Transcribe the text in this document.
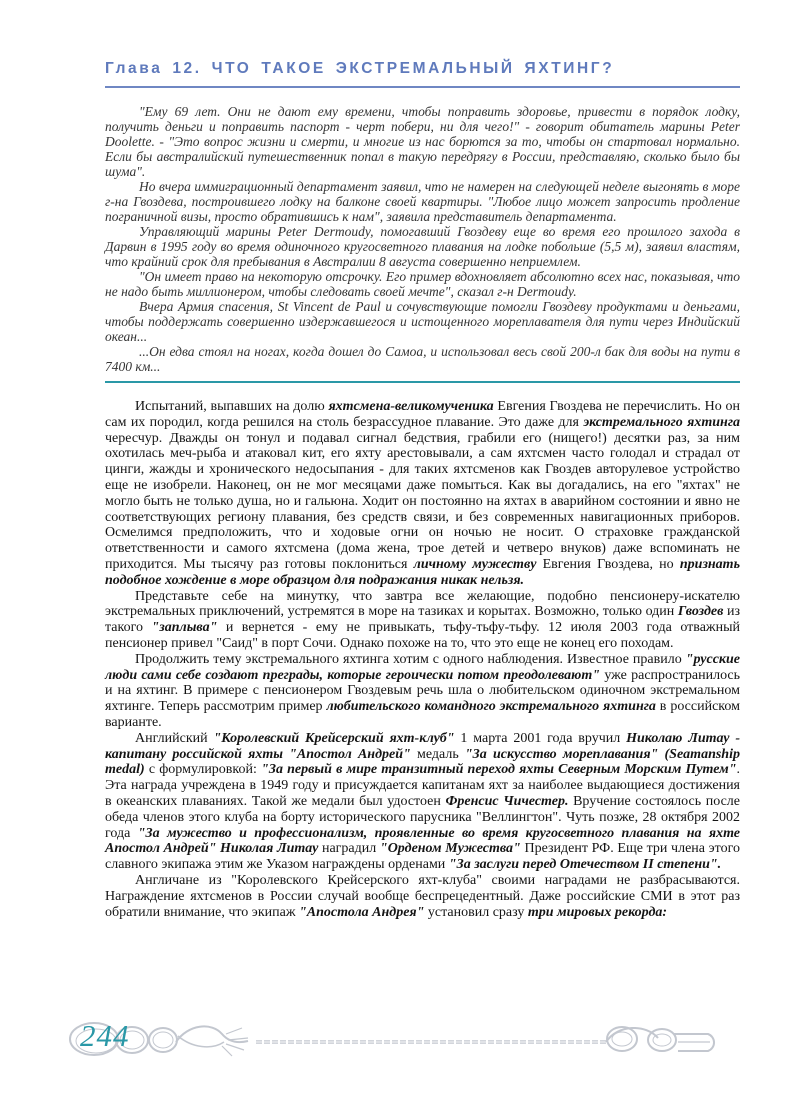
Глава 12. ЧТО ТАКОЕ ЭКСТРЕМАЛЬНЫЙ ЯХТИНГ?

"Ему 69 лет. Они не дают ему времени, чтобы поправить здоровье, привести в порядок лодку, получить деньги и поправить паспорт - черт побери, ни для чего!" - говорит обитатель марины Peter Doolette. - "Это вопрос жизни и смерти, и многие из нас борются за то, чтобы он стартовал нормально. Если бы австралийский путешественник попал в такую передрягу в России, представляю, сколько было бы шума".

Но вчера иммиграционный департамент заявил, что не намерен на следующей неделе выгонять в море г-на Гвоздева, построившего лодку на балконе своей квартиры. "Любое лицо может запросить продление пограничной визы, просто обратившись к нам", заявила представитель департамента.

Управляющий марины Peter Dermoudy, помогавший Гвоздеву еще во время его прошлого захода в Дарвин в 1995 году во время одиночного кругосветного плавания на лодке побольше (5,5 м), заявил властям, что крайний срок для пребывания в Австралии 8 августа совершенно неприемлем.

"Он имеет право на некоторую отсрочку. Его пример вдохновляет абсолютно всех нас, показывая, что не надо быть миллионером, чтобы следовать своей мечте", сказал г-н Dermoudy.

Вчера Армия спасения, St Vincent de Paul и сочувствующие помогли Гвоздеву продуктами и деньгами, чтобы поддержать совершенно издержавшегося и истощенного мореплавателя для пути через Индийский океан...

...Он едва стоял на ногах, когда дошел до Самоа, и использовал весь свой 200-л бак для воды на пути в 7400 км...

Испытаний, выпавших на долю яхтсмена-великомученика Евгения Гвоздева не перечислить. Но он сам их породил, когда решился на столь безрассудное плавание. Это даже для экстремального яхтинга чересчур. Дважды он тонул и подавал сигнал бедствия, грабили его (нищего!) десятки раз, за ним охотилась меч-рыба и атаковал кит, его яхту арестовывали, а сам яхтсмен часто голодал и страдал от цинги, жажды и хронического недосыпания - для таких яхтсменов как Гвоздев авторулевое устройство еще не изобрели. Наконец, он не мог месяцами даже помыться. Как вы догадались, на его "яхтах" не могло быть не только душа, но и гальюна. Ходит он постоянно на яхтах в аварийном состоянии и явно не соответствующих региону плавания, без средств связи, и без современных навигационных приборов. Осмелимся предположить, что и ходовые огни он ночью не носит. О страховке гражданской ответственности и самого яхтсмена (дома жена, трое детей и четверо внуков) даже вспоминать не приходится. Мы тысячу раз готовы поклониться личному мужеству Евгения Гвоздева, но признать подобное хождение в море образцом для подражания никак нельзя.

Представьте себе на минутку, что завтра все желающие, подобно пенсионеру-искателю экстремальных приключений, устремятся в море на тазиках и корытах. Возможно, только один Гвоздев из такого "заплыва" и вернется - ему не привыкать, тьфу-тьфу-тьфу. 12 июля 2003 года отважный пенсионер привел "Саид" в порт Сочи. Однако похоже на то, что это еще не конец его походам.

Продолжить тему экстремального яхтинга хотим с одного наблюдения. Известное правило "русские люди сами себе создают преграды, которые героически потом преодолевают" уже распространилось и на яхтинг. В примере с пенсионером Гвоздевым речь шла о любительском одиночном экстремальном яхтинге. Теперь рассмотрим пример любительского командного экстремального яхтинга в российском варианте.

Английский "Королевский Крейсерский яхт-клуб" 1 марта 2001 года вручил Николаю Литау - капитану российской яхты "Апостол Андрей" медаль "За искусство мореплавания" (Seamanship medal) с формулировкой: "За первый в мире транзитный переход яхты Северным Морским Путем". Эта награда учреждена в 1949 году и присуждается капитанам яхт за наиболее выдающиеся достижения в океанских плаваниях. Такой же медали был удостоен Френсис Чичестер. Вручение состоялось после обеда членов этого клуба на борту исторического парусника "Веллингтон". Чуть позже, 28 октября 2002 года "За мужество и профессионализм, проявленные во время кругосветного плавания на яхте Апостол Андрей" Николая Литау наградил "Орденом Мужества" Президент РФ. Еще три члена этого славного экипажа этим же Указом награждены орденами "За заслуги перед Отечеством II степени".

Англичане из "Королевского Крейсерского яхт-клуба" своими наградами не разбрасываются. Награждение яхтсменов в России случай вообще беспрецедентный. Даже российские СМИ в этот раз обратили внимание, что экипаж "Апостола Андрея" установил сразу три мировых рекорда:

244
